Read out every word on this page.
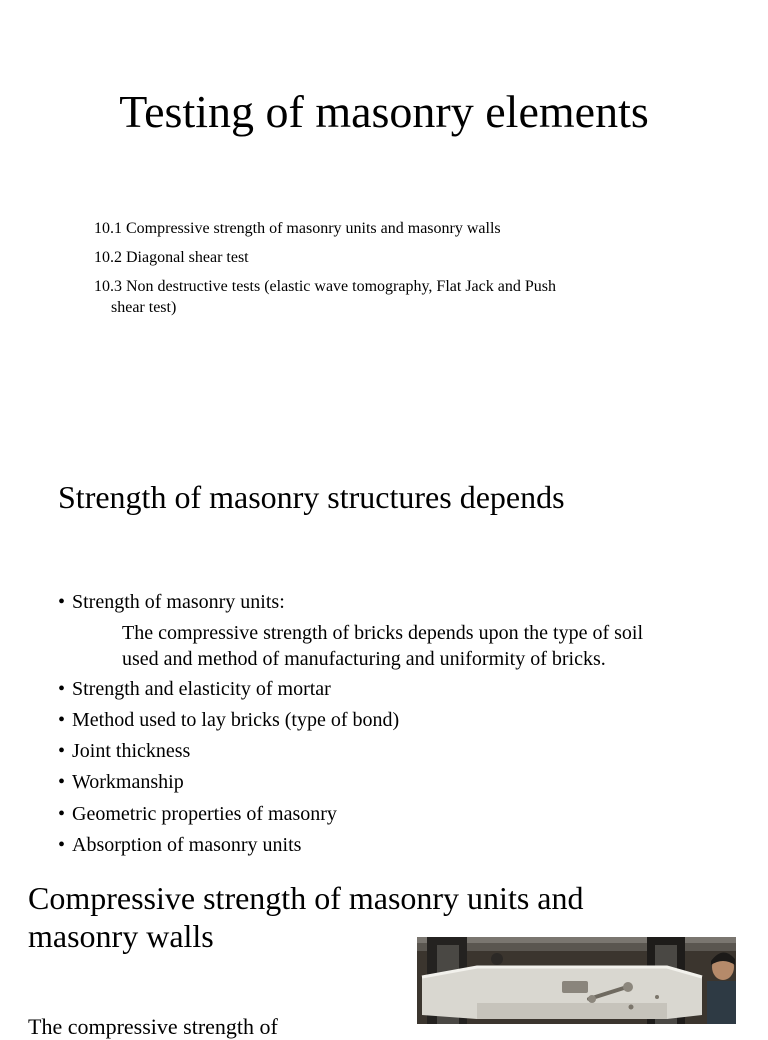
Testing of masonry elements
10.1 Compressive strength of masonry units and masonry walls
10.2 Diagonal shear test
10.3 Non destructive tests (elastic wave tomography, Flat Jack and Push
shear test)
Strength of masonry structures depends
• Strength of masonry units:
The compressive strength of bricks depends upon the type of soil
used and method of manufacturing and uniformity of bricks.
• Strength and elasticity of mortar
• Method used to lay bricks (type of bond)
• Joint thickness
• Workmanship
• Geometric properties of masonry
• Absorption of masonry units
Compressive strength of masonry units and
masonry walls
The compressive strength of
